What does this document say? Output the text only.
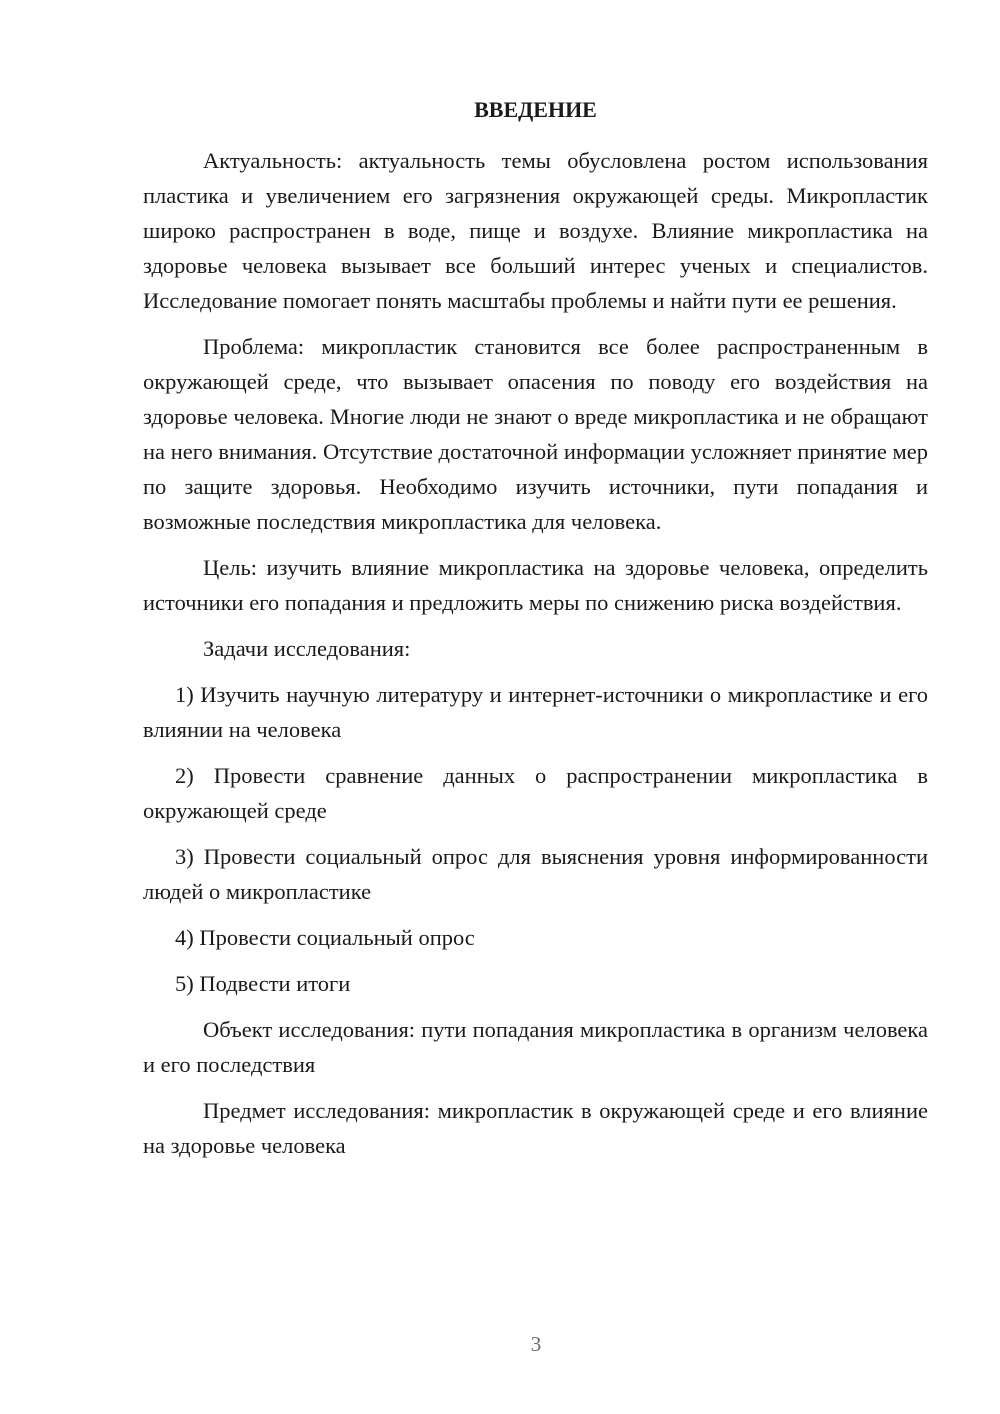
ВВЕДЕНИЕ

Актуальность: актуальность темы обусловлена ростом использования пластика и увеличением его загрязнения окружающей среды. Микропластик широко распространен в воде, пище и воздухе. Влияние микропластика на здоровье человека вызывает все больший интерес ученых и специалистов. Исследование помогает понять масштабы проблемы и найти пути ее решения.

Проблема: микропластик становится все более распространенным в окружающей среде, что вызывает опасения по поводу его воздействия на здоровье человека. Многие люди не знают о вреде микропластика и не обращают на него внимания. Отсутствие достаточной информации усложняет принятие мер по защите здоровья. Необходимо изучить источники, пути попадания и возможные последствия микропластика для человека.

Цель: изучить влияние микропластика на здоровье человека, определить источники его попадания и предложить меры по снижению риска воздействия.

Задачи исследования:

1) Изучить научную литературу и интернет-источники о микропластике и его влиянии на человека

2) Провести сравнение данных о распространении микропластика в окружающей среде

3) Провести социальный опрос для выяснения уровня информированности людей о микропластике

4) Провести социальный опрос

5) Подвести итоги

Объект исследования: пути попадания микропластика в организм человека и его последствия

Предмет исследования: микропластик в окружающей среде и его влияние на здоровье человека

3
